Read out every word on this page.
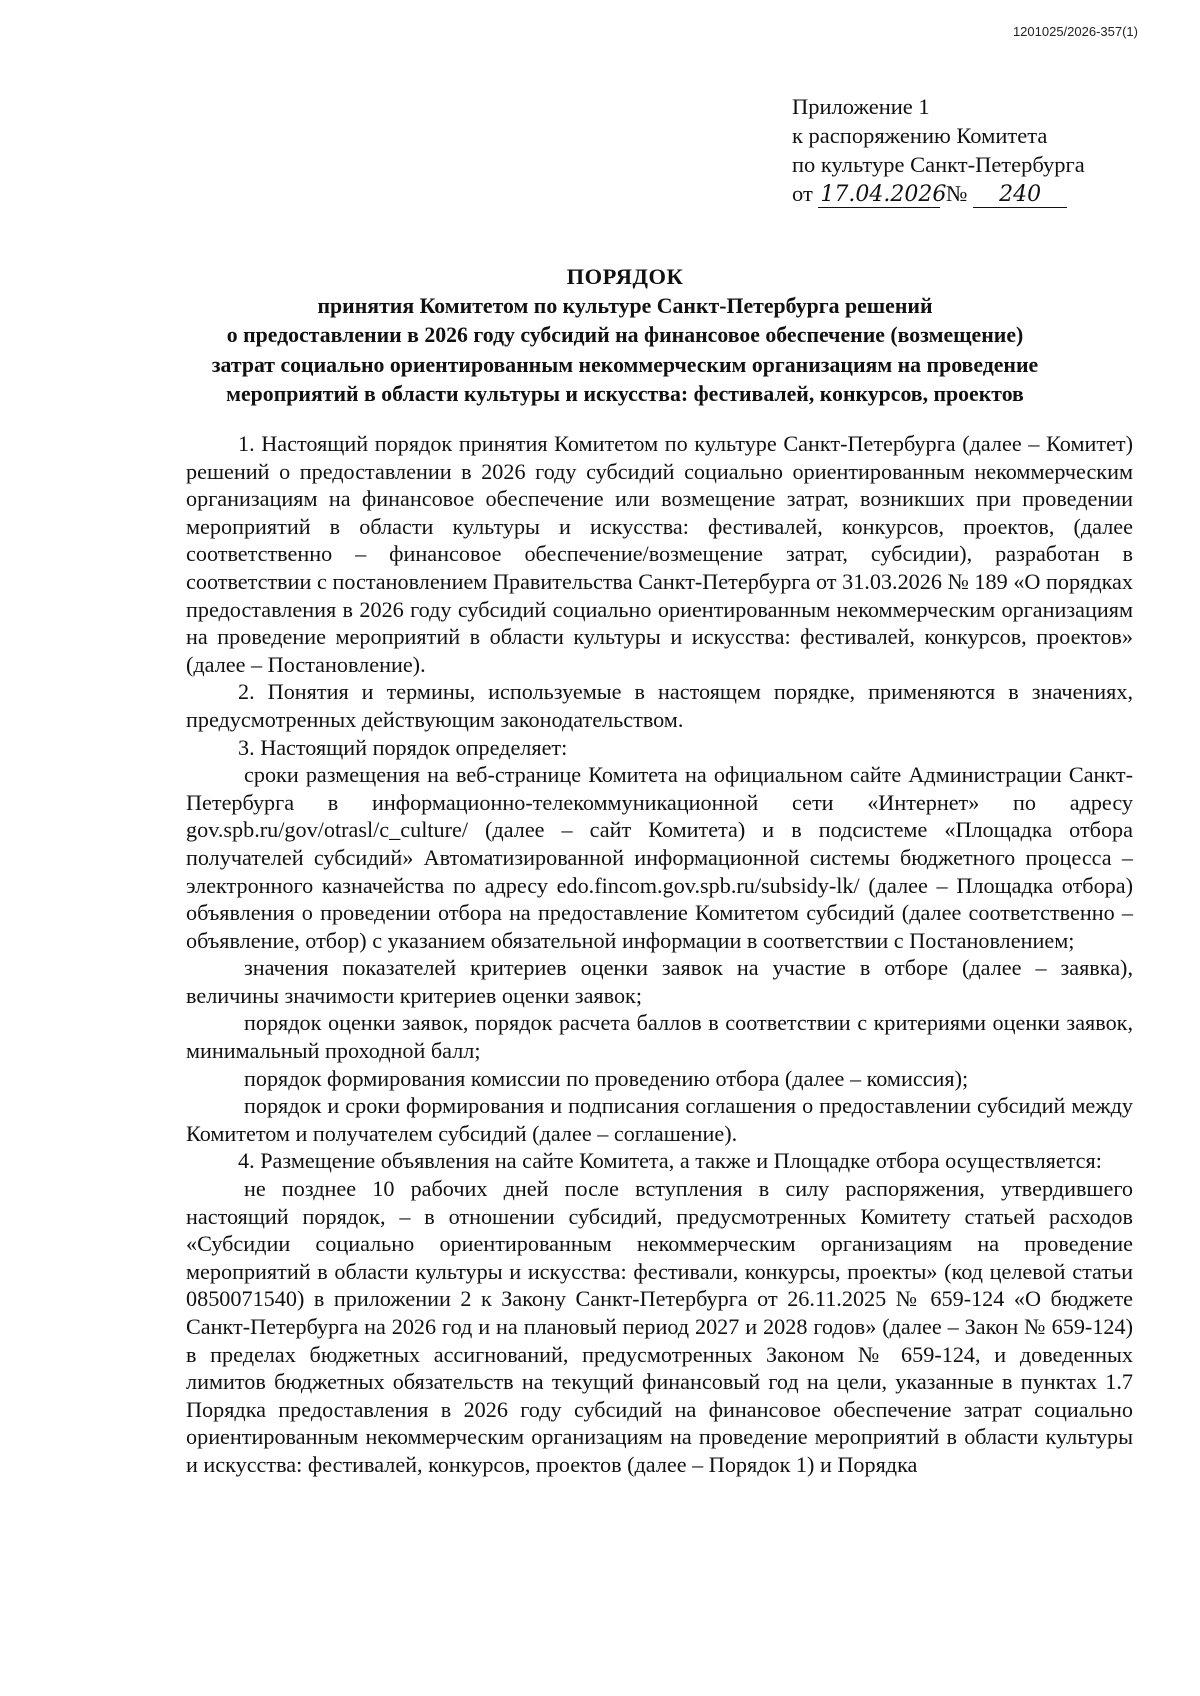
1201025/2026-357(1)
Приложение 1
к распоряжению Комитета
по культуре Санкт-Петербурга
от 17.04.2026 № 240
ПОРЯДОК
принятия Комитетом по культуре Санкт-Петербурга решений
о предоставлении в 2026 году субсидий на финансовое обеспечение (возмещение)
затрат социально ориентированным некоммерческим организациям на проведение
мероприятий в области культуры и искусства: фестивалей, конкурсов, проектов

1. Настоящий порядок принятия Комитетом по культуре Санкт-Петербурга (далее – Комитет) решений о предоставлении в 2026 году субсидий социально ориентированным некоммерческим организациям на финансовое обеспечение или возмещение затрат, возникших при проведении мероприятий в области культуры и искусства: фестивалей, конкурсов, проектов, (далее соответственно – финансовое обеспечение/возмещение затрат, субсидии), разработан в соответствии с постановлением Правительства Санкт-Петербурга от 31.03.2026 № 189 «О порядках предоставления в 2026 году субсидий социально ориентированным некоммерческим организациям на проведение мероприятий в области культуры и искусства: фестивалей, конкурсов, проектов» (далее – Постановление).

2. Понятия и термины, используемые в настоящем порядке, применяются в значениях, предусмотренных действующим законодательством.

3. Настоящий порядок определяет:

сроки размещения на веб-странице Комитета на официальном сайте Администрации Санкт-Петербурга в информационно-телекоммуникационной сети «Интернет» по адресу gov.spb.ru/gov/otrasl/c_culture/ (далее – сайт Комитета) и в подсистеме «Площадка отбора получателей субсидий» Автоматизированной информационной системы бюджетного процесса – электронного казначейства по адресу edo.fincom.gov.spb.ru/subsidy-lk/ (далее – Площадка отбора) объявления о проведении отбора на предоставление Комитетом субсидий (далее соответственно – объявление, отбор) с указанием обязательной информации в соответствии с Постановлением;

значения показателей критериев оценки заявок на участие в отборе (далее – заявка), величины значимости критериев оценки заявок;

порядок оценки заявок, порядок расчета баллов в соответствии с критериями оценки заявок, минимальный проходной балл;

порядок формирования комиссии по проведению отбора (далее – комиссия);

порядок и сроки формирования и подписания соглашения о предоставлении субсидий между Комитетом и получателем субсидий (далее – соглашение).

4. Размещение объявления на сайте Комитета, а также и Площадке отбора осуществляется:

не позднее 10 рабочих дней после вступления в силу распоряжения, утвердившего настоящий порядок, – в отношении субсидий, предусмотренных Комитету статьей расходов «Субсидии социально ориентированным некоммерческим организациям на проведение мероприятий в области культуры и искусства: фестивали, конкурсы, проекты» (код целевой статьи 0850071540) в приложении 2 к Закону Санкт-Петербурга от 26.11.2025 № 659-124 «О бюджете Санкт-Петербурга на 2026 год и на плановый период 2027 и 2028 годов» (далее – Закон № 659-124) в пределах бюджетных ассигнований, предусмотренных Законом № 659-124, и доведенных лимитов бюджетных обязательств на текущий финансовый год на цели, указанные в пунктах 1.7 Порядка предоставления в 2026 году субсидий на финансовое обеспечение затрат социально ориентированным некоммерческим организациям на проведение мероприятий в области культуры и искусства: фестивалей, конкурсов, проектов (далее – Порядок 1) и Порядка
